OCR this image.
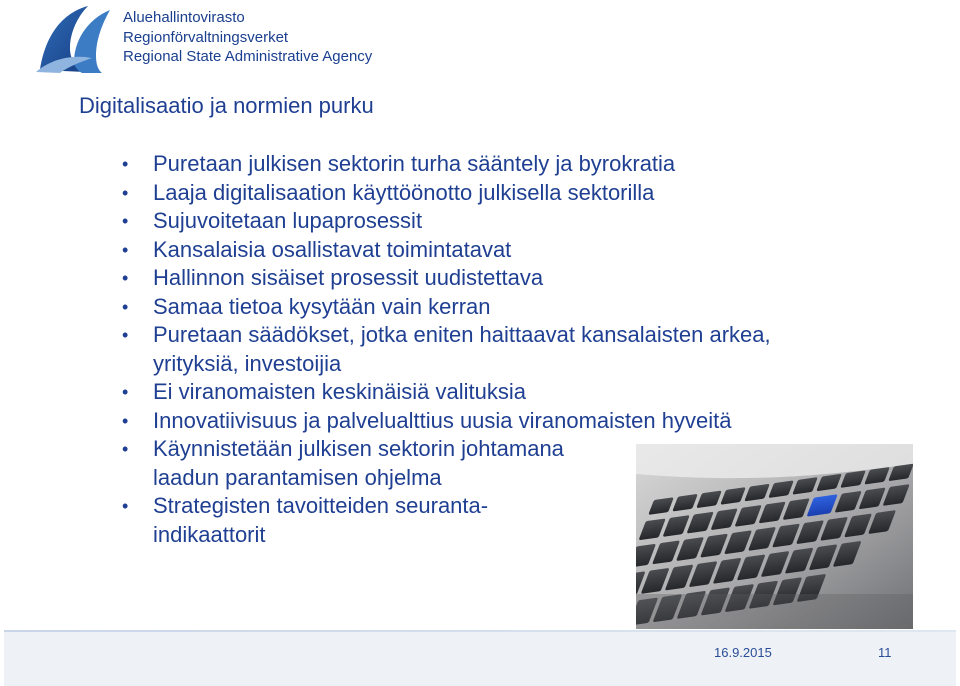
Aluehallintovirasto
Regionförvaltningsverket
Regional State Administrative Agency
Digitalisaatio ja normien purku
• Puretaan julkisen sektorin turha sääntely ja byrokratia
• Laaja digitalisaation käyttöönotto julkisella sektorilla
• Sujuvoitetaan lupaprosessit
• Kansalaisia osallistavat toimintatavat
• Hallinnon sisäiset prosessit uudistettava
• Samaa tietoa kysytään vain kerran
• Puretaan säädökset, jotka eniten haittaavat kansalaisten arkea,
yrityksiä, investoijia
• Ei viranomaisten keskinäisiä valituksia
• Innovatiivisuus ja palvelualttius uusia viranomaisten hyveitä
• Käynnistetään julkisen sektorin johtamana
laadun parantamisen ohjelma
• Strategisten tavoitteiden seuranta-
indikaattorit
16.9.2015	11
